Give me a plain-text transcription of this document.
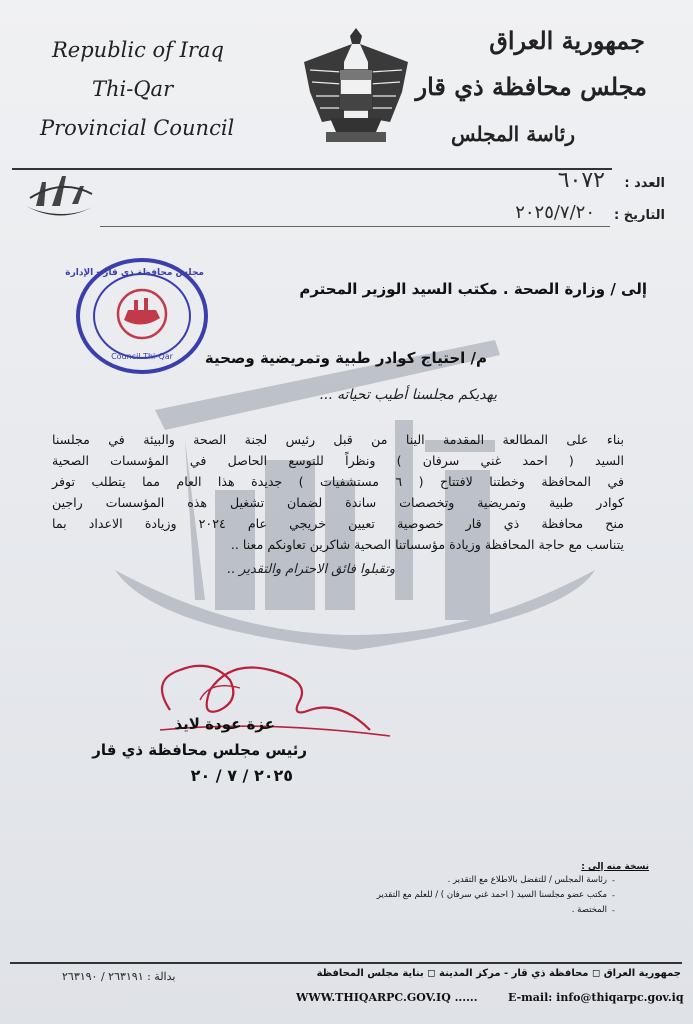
Republic of Iraq
Thi-Qar
Provincial Council
جمهورية العراق
مجلس محافظة ذي قار
رئاسة المجلس
العدد :
٦٠٧٢
التاريخ :
٢٠٢٥/٧/٢٠
مجلس محافظة ذي قار - الإدارة
Council Thi-Qar
إلى / وزارة الصحة . مكتب السيد الوزير المحترم
م/ احتياج كوادر طبية وتمريضية وصحية
يهديكم مجلسنا أطيب تحياته ...
بناء على المطالعة المقدمة الينا من قبل رئيس لجنة الصحة والبيئة في مجلسنا
السيد ( احمد غني سرفان ) ونظراً للتوسع الحاصل في المؤسسات الصحية
في المحافظة وخطتنا لافتتاح ( ٦ مستشفيات ) جديدة هذا العام مما يتطلب توفر
كوادر طبية وتمريضية وتخصصات ساندة لضمان تشغيل هذه المؤسسات راجين
منح محافظة ذي قار خصوصية تعيين خريجي عام ٢٠٢٤ وزيادة الاعداد بما
يتناسب مع حاجة المحافظة وزيادة مؤسساتنا الصحية شاكرين تعاونكم معنا ..
وتقبلوا فائق الاحترام والتقدير ..
عزة عودة لايذ
رئيس مجلس محافظة ذي قار
٢٠٢٥ / ٧ / ٢٠
نسخة منه إلى :
رئاسة المجلس / للتفضل بالاطلاع مع التقدير .
مكتب عضو مجلسنا السيد ( احمد غني سرفان ) / للعلم مع التقدير
المختصة .
-
-
-
جمهورية العراق ◻ محافظة ذي قار - مركز المدينة ◻ بناية مجلس المحافظة
بدالة : ٢٦٣١٩١ / ٢٦٣١٩٠
WWW.THIQARPC.GOV.IQ ......	E-mail: info@thiqarpc.gov.iq
